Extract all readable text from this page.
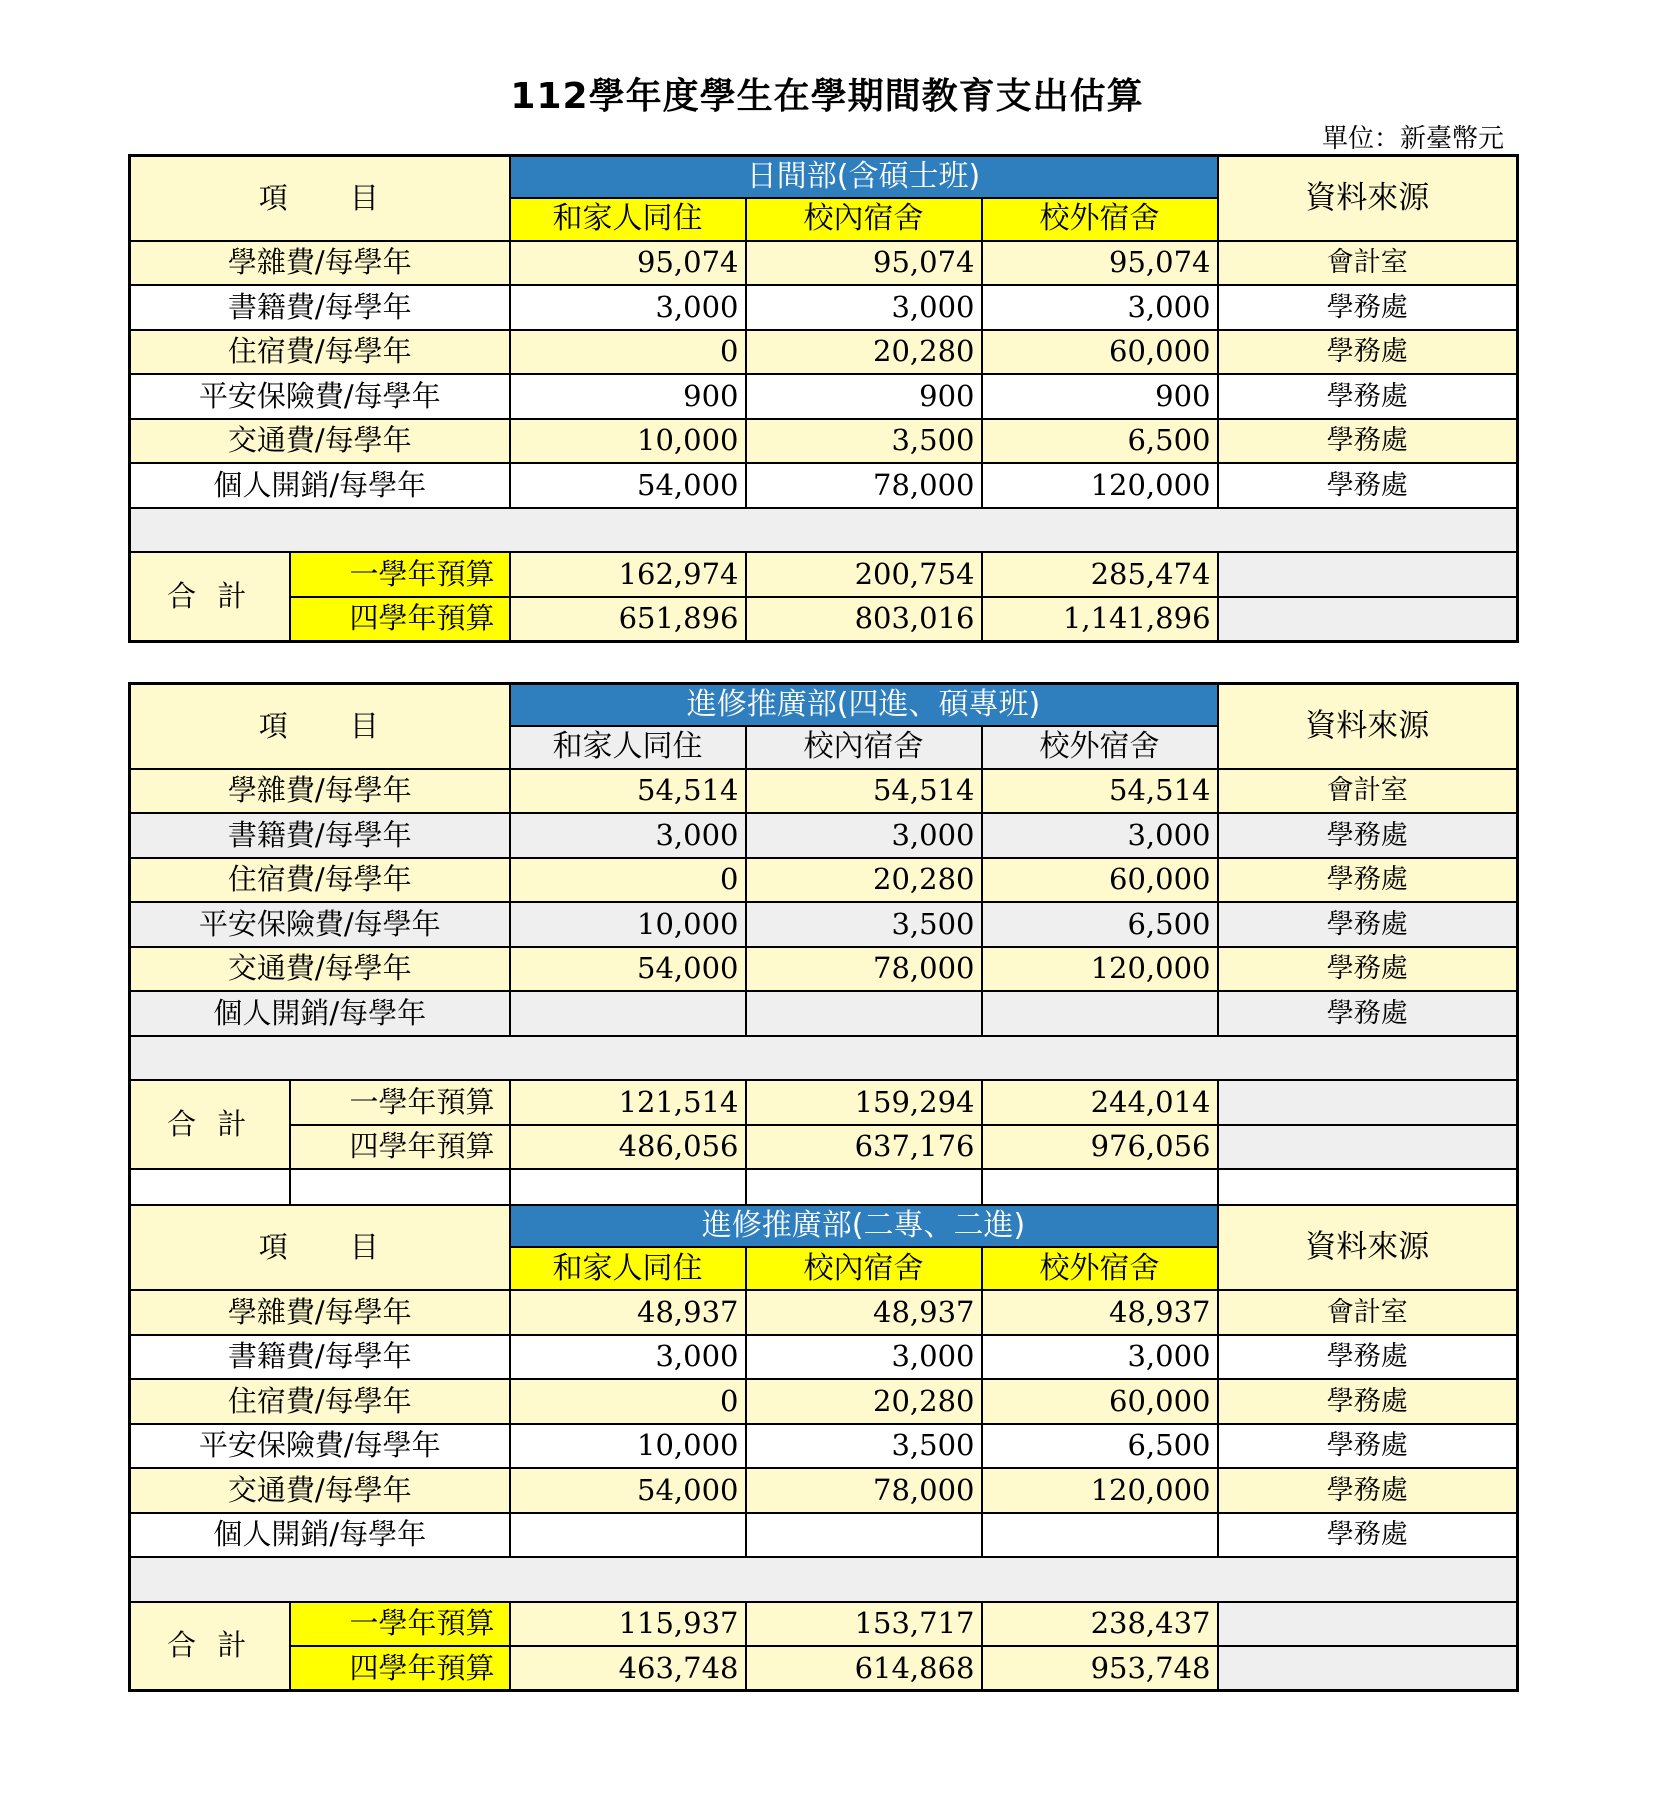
112學年度學生在學期間教育支出估算
單位：新臺幣元
項 目		日間部(含碩士班)			資料來源
		和家人同住	校內宿舍	校外宿舍	
學雜費/每學年		95,074	95,074	95,074	會計室
書籍費/每學年		3,000	3,000	3,000	學務處
住宿費/每學年		0	20,280	60,000	學務處
平安保險費/每學年		900	900	900	學務處
交通費/每學年		10,000	3,500	6,500	學務處
個人開銷/每學年		54,000	78,000	120,000	學務處

合 計	一學年預算	162,974	200,754	285,474	
	四學年預算	651,896	803,016	1,141,896	
項 目		進修推廣部(四進、碩專班)			資料來源
		和家人同住	校內宿舍	校外宿舍	
學雜費/每學年		54,514	54,514	54,514	會計室
書籍費/每學年		3,000	3,000	3,000	學務處
住宿費/每學年		0	20,280	60,000	學務處
平安保險費/每學年		10,000	3,500	6,500	學務處
交通費/每學年		54,000	78,000	120,000	學務處
個人開銷/每學年					學務處

合 計	一學年預算	121,514	159,294	244,014	
	四學年預算	486,056	637,176	976,056	

項 目		進修推廣部(二專、二進)			資料來源
		和家人同住	校內宿舍	校外宿舍	
學雜費/每學年		48,937	48,937	48,937	會計室
書籍費/每學年		3,000	3,000	3,000	學務處
住宿費/每學年		0	20,280	60,000	學務處
平安保險費/每學年		10,000	3,500	6,500	學務處
交通費/每學年		54,000	78,000	120,000	學務處
個人開銷/每學年					學務處

合 計	一學年預算	115,937	153,717	238,437	
	四學年預算	463,748	614,868	953,748	
